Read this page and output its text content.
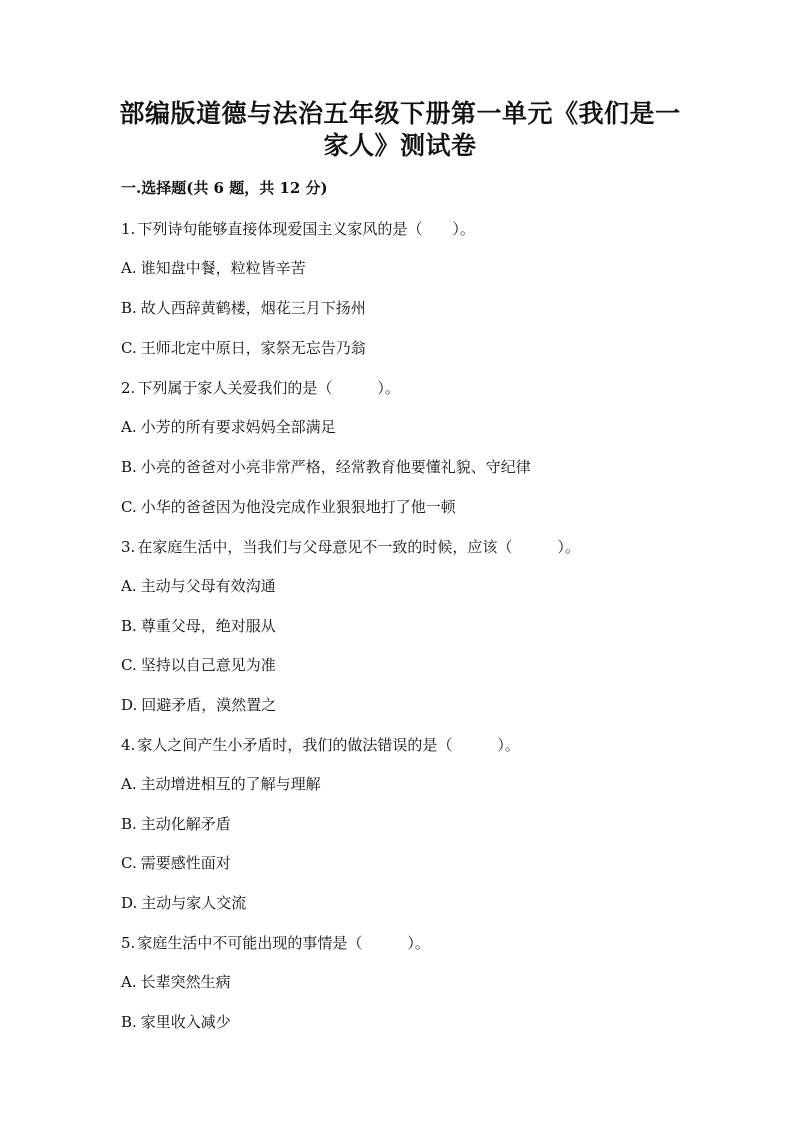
部编版道德与法治五年级下册第一单元《我们是一
家人》测试卷
一.选择题(共 6 题，共 12 分)
1. 下列诗句能够直接体现爱国主义家风的是（　　）。
A. 谁知盘中餐，粒粒皆辛苦
B. 故人西辞黄鹤楼，烟花三月下扬州
C. 王师北定中原日，家祭无忘告乃翁
2. 下列属于家人关爱我们的是（　　　）。
A. 小芳的所有要求妈妈全部满足
B. 小亮的爸爸对小亮非常严格，经常教育他要懂礼貌、守纪律
C. 小华的爸爸因为他没完成作业狠狠地打了他一顿
3. 在家庭生活中，当我们与父母意见不一致的时候，应该（　　　）。
A. 主动与父母有效沟通
B. 尊重父母，绝对服从
C. 坚持以自己意见为准
D. 回避矛盾，漠然置之
4. 家人之间产生小矛盾时，我们的做法错误的是（　　　）。
A. 主动增进相互的了解与理解
B. 主动化解矛盾
C. 需要感性面对
D. 主动与家人交流
5. 家庭生活中不可能出现的事情是（　　　）。
A. 长辈突然生病
B. 家里收入减少
